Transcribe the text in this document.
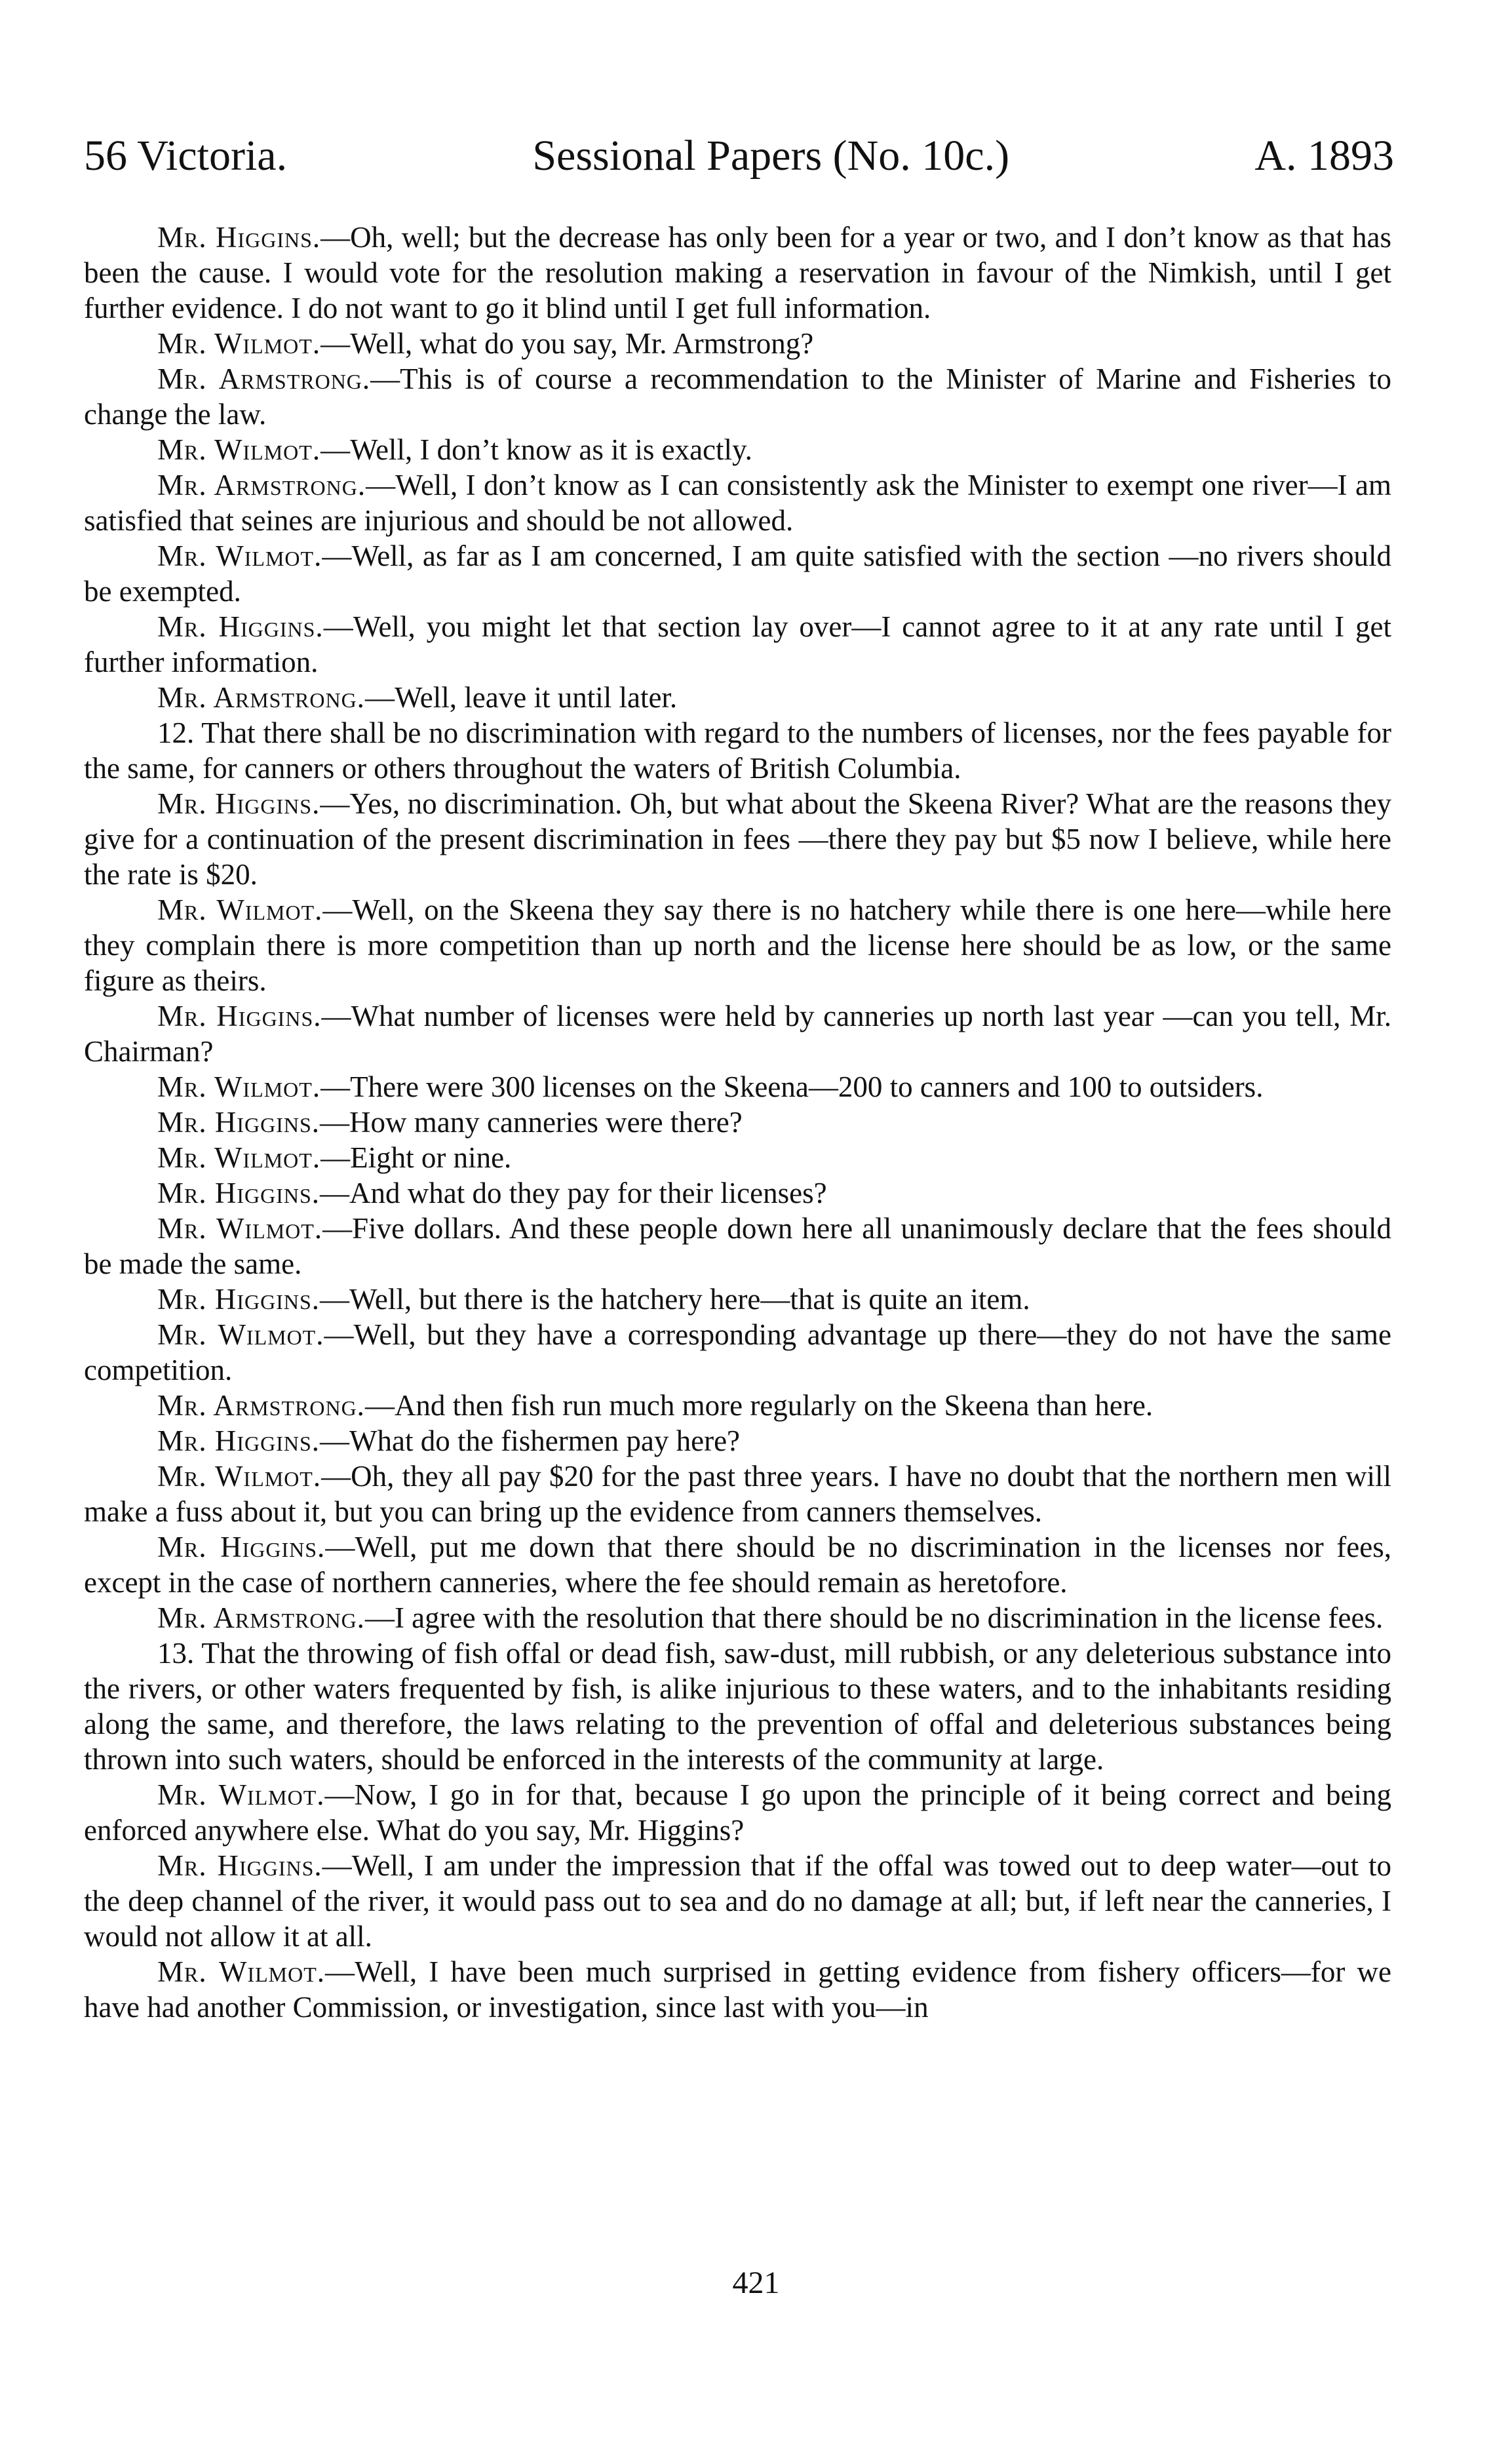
56 Victoria.	Sessional Papers (No. 10c.)	A. 1893

Mr. Higgins.—Oh, well; but the decrease has only been for a year or two, and I don’t know as that has been the cause. I would vote for the resolution making a reservation in favour of the Nimkish, until I get further evidence. I do not want to go it blind until I get full information.

Mr. Wilmot.—Well, what do you say, Mr. Armstrong?

Mr. Armstrong.—This is of course a recommendation to the Minister of Marine and Fisheries to change the law.

Mr. Wilmot.—Well, I don’t know as it is exactly.

Mr. Armstrong.—Well, I don’t know as I can consistently ask the Minister to exempt one river—I am satisfied that seines are injurious and should be not allowed.

Mr. Wilmot.—Well, as far as I am concerned, I am quite satisfied with the section —no rivers should be exempted.

Mr. Higgins.—Well, you might let that section lay over—I cannot agree to it at any rate until I get further information.

Mr. Armstrong.—Well, leave it until later.

12. That there shall be no discrimination with regard to the numbers of licenses, nor the fees payable for the same, for canners or others throughout the waters of British Columbia.

Mr. Higgins.—Yes, no discrimination. Oh, but what about the Skeena River? What are the reasons they give for a continuation of the present discrimination in fees —there they pay but $5 now I believe, while here the rate is $20.

Mr. Wilmot.—Well, on the Skeena they say there is no hatchery while there is one here—while here they complain there is more competition than up north and the license here should be as low, or the same figure as theirs.

Mr. Higgins.—What number of licenses were held by canneries up north last year —can you tell, Mr. Chairman?

Mr. Wilmot.—There were 300 licenses on the Skeena—200 to canners and 100 to outsiders.

Mr. Higgins.—How many canneries were there?

Mr. Wilmot.—Eight or nine.

Mr. Higgins.—And what do they pay for their licenses?

Mr. Wilmot.—Five dollars. And these people down here all unanimously declare that the fees should be made the same.

Mr. Higgins.—Well, but there is the hatchery here—that is quite an item.

Mr. Wilmot.—Well, but they have a corresponding advantage up there—they do not have the same competition.

Mr. Armstrong.—And then fish run much more regularly on the Skeena than here.

Mr. Higgins.—What do the fishermen pay here?

Mr. Wilmot.—Oh, they all pay $20 for the past three years. I have no doubt that the northern men will make a fuss about it, but you can bring up the evidence from canners themselves.

Mr. Higgins.—Well, put me down that there should be no discrimination in the licenses nor fees, except in the case of northern canneries, where the fee should remain as heretofore.

Mr. Armstrong.—I agree with the resolution that there should be no discrimination in the license fees.

13. That the throwing of fish offal or dead fish, saw-dust, mill rubbish, or any deleterious substance into the rivers, or other waters frequented by fish, is alike injurious to these waters, and to the inhabitants residing along the same, and therefore, the laws relating to the prevention of offal and deleterious substances being thrown into such waters, should be enforced in the interests of the community at large.

Mr. Wilmot.—Now, I go in for that, because I go upon the principle of it being correct and being enforced anywhere else. What do you say, Mr. Higgins?

Mr. Higgins.—Well, I am under the impression that if the offal was towed out to deep water—out to the deep channel of the river, it would pass out to sea and do no damage at all; but, if left near the canneries, I would not allow it at all.

Mr. Wilmot.—Well, I have been much surprised in getting evidence from fishery officers—for we have had another Commission, or investigation, since last with you—in

421
